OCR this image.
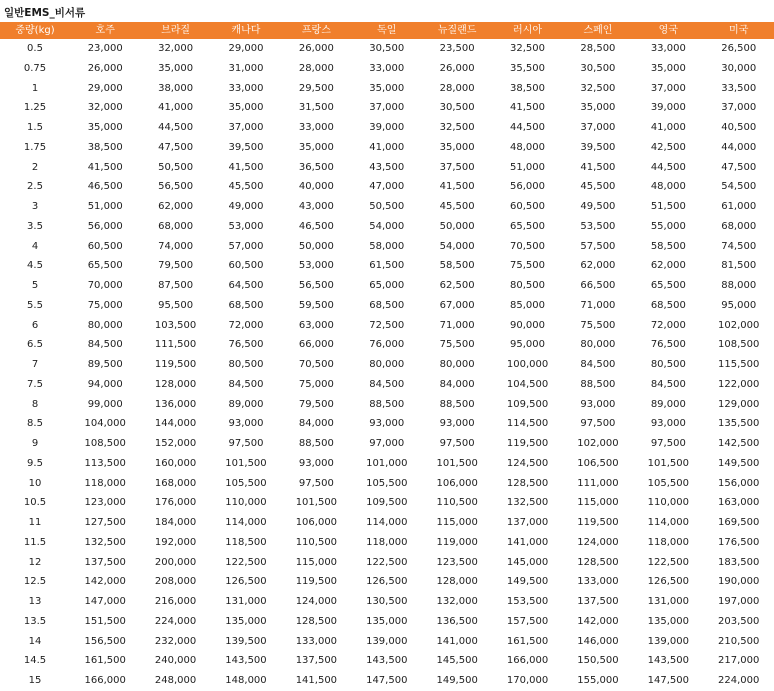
일반EMS_비서류
중량(kg)	호주	브라질	캐나다	프랑스	독일	뉴질랜드	러시아	스페인	영국	미국
0.5	23,000	32,000	29,000	26,000	30,500	23,500	32,500	28,500	33,000	26,500
0.75	26,000	35,000	31,000	28,000	33,000	26,000	35,500	30,500	35,000	30,000
1	29,000	38,000	33,000	29,500	35,000	28,000	38,500	32,500	37,000	33,500
1.25	32,000	41,000	35,000	31,500	37,000	30,500	41,500	35,000	39,000	37,000
1.5	35,000	44,500	37,000	33,000	39,000	32,500	44,500	37,000	41,000	40,500
1.75	38,500	47,500	39,500	35,000	41,000	35,000	48,000	39,500	42,500	44,000
2	41,500	50,500	41,500	36,500	43,500	37,500	51,000	41,500	44,500	47,500
2.5	46,500	56,500	45,500	40,000	47,000	41,500	56,000	45,500	48,000	54,500
3	51,000	62,000	49,000	43,000	50,500	45,500	60,500	49,500	51,500	61,000
3.5	56,000	68,000	53,000	46,500	54,000	50,000	65,500	53,500	55,000	68,000
4	60,500	74,000	57,000	50,000	58,000	54,000	70,500	57,500	58,500	74,500
4.5	65,500	79,500	60,500	53,000	61,500	58,500	75,500	62,000	62,000	81,500
5	70,000	87,500	64,500	56,500	65,000	62,500	80,500	66,500	65,500	88,000
5.5	75,000	95,500	68,500	59,500	68,500	67,000	85,000	71,000	68,500	95,000
6	80,000	103,500	72,000	63,000	72,500	71,000	90,000	75,500	72,000	102,000
6.5	84,500	111,500	76,500	66,000	76,000	75,500	95,000	80,000	76,500	108,500
7	89,500	119,500	80,500	70,500	80,000	80,000	100,000	84,500	80,500	115,500
7.5	94,000	128,000	84,500	75,000	84,500	84,000	104,500	88,500	84,500	122,000
8	99,000	136,000	89,000	79,500	88,500	88,500	109,500	93,000	89,000	129,000
8.5	104,000	144,000	93,000	84,000	93,000	93,000	114,500	97,500	93,000	135,500
9	108,500	152,000	97,500	88,500	97,000	97,500	119,500	102,000	97,500	142,500
9.5	113,500	160,000	101,500	93,000	101,000	101,500	124,500	106,500	101,500	149,500
10	118,000	168,000	105,500	97,500	105,500	106,000	128,500	111,000	105,500	156,000
10.5	123,000	176,000	110,000	101,500	109,500	110,500	132,500	115,000	110,000	163,000
11	127,500	184,000	114,000	106,000	114,000	115,000	137,000	119,500	114,000	169,500
11.5	132,500	192,000	118,500	110,500	118,000	119,000	141,000	124,000	118,000	176,500
12	137,500	200,000	122,500	115,000	122,500	123,500	145,000	128,500	122,500	183,500
12.5	142,000	208,000	126,500	119,500	126,500	128,000	149,500	133,000	126,500	190,000
13	147,000	216,000	131,000	124,000	130,500	132,000	153,500	137,500	131,000	197,000
13.5	151,500	224,000	135,000	128,500	135,000	136,500	157,500	142,000	135,000	203,500
14	156,500	232,000	139,500	133,000	139,000	141,000	161,500	146,000	139,000	210,500
14.5	161,500	240,000	143,500	137,500	143,500	145,500	166,000	150,500	143,500	217,000
15	166,000	248,000	148,000	141,500	147,500	149,500	170,000	155,000	147,500	224,000
